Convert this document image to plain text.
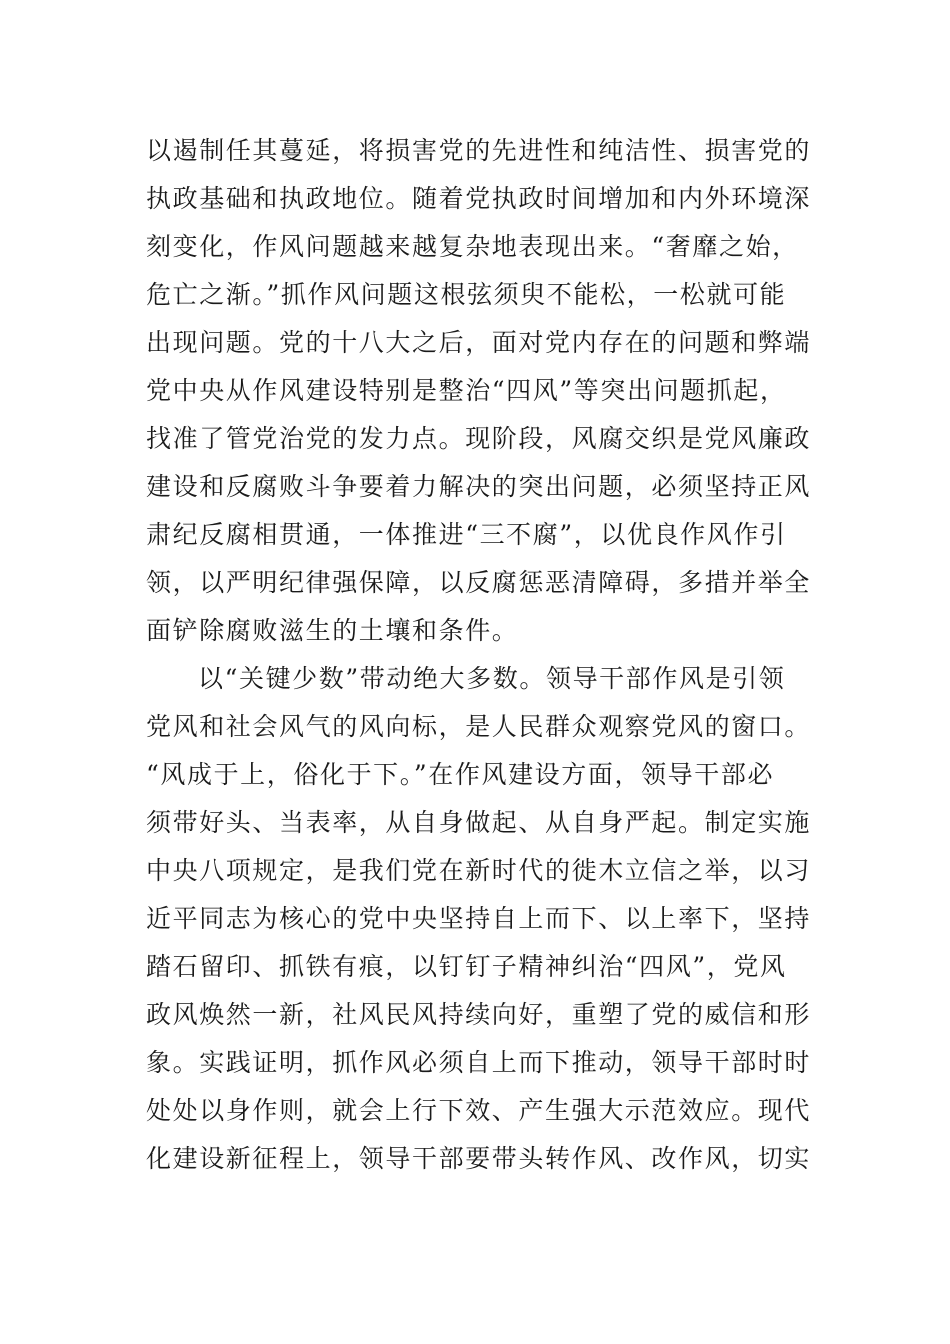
以遏制任其蔓延，将损害党的先进性和纯洁性、损害党的
执政基础和执政地位。随着党执政时间增加和内外环境深
刻变化，作风问题越来越复杂地表现出来。“奢靡之始，
危亡之渐。”抓作风问题这根弦须臾不能松，一松就可能
出现问题。党的十八大之后，面对党内存在的问题和弊端
党中央从作风建设特别是整治“四风”等突出问题抓起，
找准了管党治党的发力点。现阶段，风腐交织是党风廉政
建设和反腐败斗争要着力解决的突出问题，必须坚持正风
肃纪反腐相贯通，一体推进“三不腐”，以优良作风作引
领，以严明纪律强保障，以反腐惩恶清障碍，多措并举全
面铲除腐败滋生的土壤和条件。
以“关键少数”带动绝大多数。领导干部作风是引领
党风和社会风气的风向标，是人民群众观察党风的窗口。
“风成于上，俗化于下。”在作风建设方面，领导干部必
须带好头、当表率，从自身做起、从自身严起。制定实施
中央八项规定，是我们党在新时代的徙木立信之举，以习
近平同志为核心的党中央坚持自上而下、以上率下，坚持
踏石留印、抓铁有痕，以钉钉子精神纠治“四风”，党风
政风焕然一新，社风民风持续向好，重塑了党的威信和形
象。实践证明，抓作风必须自上而下推动，领导干部时时
处处以身作则，就会上行下效、产生强大示范效应。现代
化建设新征程上，领导干部要带头转作风、改作风，切实
